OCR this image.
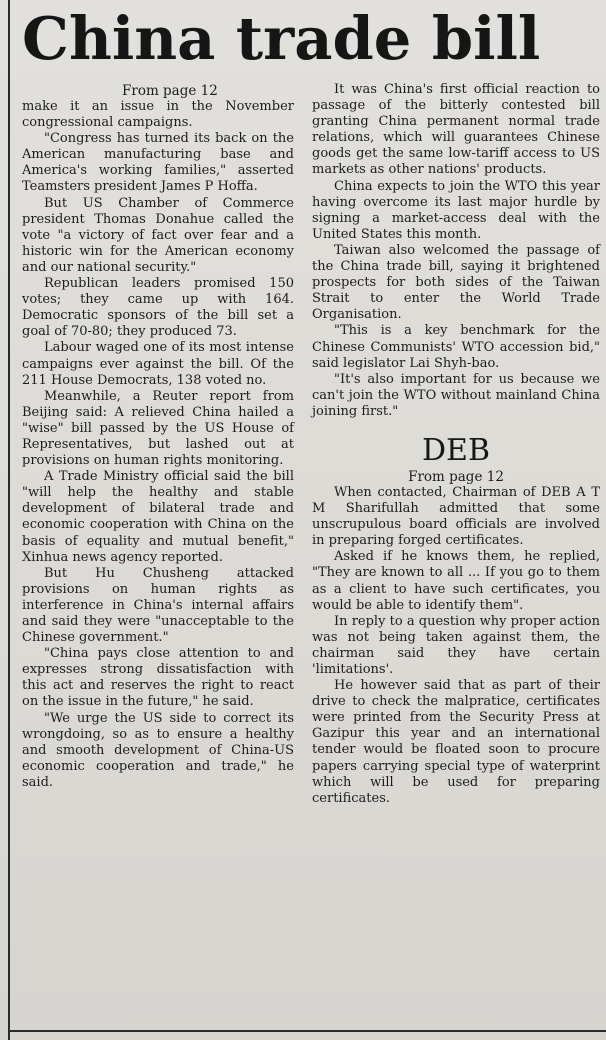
China trade bill

From page 12

make it an issue in the November congressional campaigns.

"Congress has turned its back on the American manufacturing base and America's working families," asserted Teamsters president James P Hoffa.

But US Chamber of Commerce president Thomas Donahue called the vote "a victory of fact over fear and a historic win for the American economy and our national security."

Republican leaders promised 150 votes; they came up with 164. Democratic sponsors of the bill set a goal of 70-80; they produced 73.

Labour waged one of its most intense campaigns ever against the bill. Of the 211 House Democrats, 138 voted no.

Meanwhile, a Reuter report from Beijing said: A relieved China hailed a "wise" bill passed by the US House of Representatives, but lashed out at provisions on human rights monitoring.

A Trade Ministry official said the bill "will help the healthy and stable development of bilateral trade and economic cooperation with China on the basis of equality and mutual benefit," Xinhua news agency reported.

But Hu Chusheng attacked provisions on human rights as interference in China's internal affairs and said they were "unacceptable to the Chinese government."

"China pays close attention to and expresses strong dissatisfaction with this act and reserves the right to react on the issue in the future," he said.

"We urge the US side to correct its wrongdoing, so as to ensure a healthy and smooth development of China-US economic cooperation and trade," he said.

It was China's first official reaction to passage of the bitterly contested bill granting China permanent normal trade relations, which will guarantees Chinese goods get the same low-tariff access to US markets as other nations' products.

China expects to join the WTO this year having overcome its last major hurdle by signing a market-access deal with the United States this month.

Taiwan also welcomed the passage of the China trade bill, saying it brightened prospects for both sides of the Taiwan Strait to enter the World Trade Organisation.

"This is a key benchmark for the Chinese Communists' WTO accession bid," said legislator Lai Shyh-bao.

"It's also important for us because we can't join the WTO without mainland China joining first."

DEB

From page 12

When contacted, Chairman of DEB A T M Sharifullah admitted that some unscrupulous board officials are involved in preparing forged certificates.

Asked if he knows them, he replied, "They are known to all ... If you go to them as a client to have such certificates, you would be able to identify them".

In reply to a question why proper action was not being taken against them, the chairman said they have certain 'limitations'.

He however said that as part of their drive to check the malpratice, certificates were printed from the Security Press at Gazipur this year and an international tender would be floated soon to procure papers carrying special type of waterprint which will be used for preparing certificates.
